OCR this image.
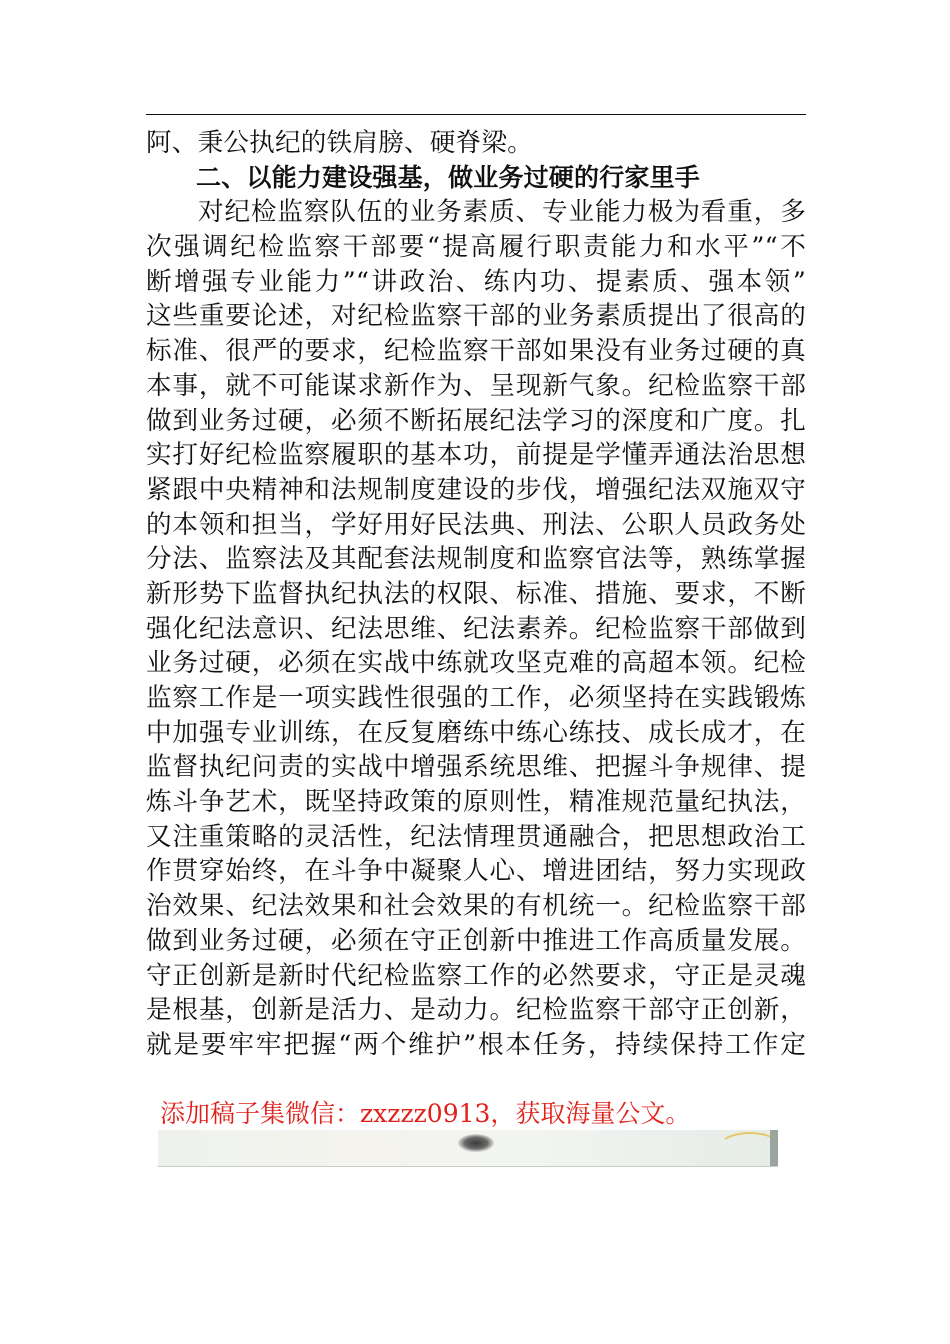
阿、秉公执纪的铁肩膀、硬脊梁。
二、以能力建设强基，做业务过硬的行家里手
对纪检监察队伍的业务素质、专业能力极为看重，多
次强调纪检监察干部要“提高履行职责能力和水平”“不
断增强专业能力”“讲政治、练内功、提素质、强本领”
这些重要论述，对纪检监察干部的业务素质提出了很高的
标准、很严的要求，纪检监察干部如果没有业务过硬的真
本事，就不可能谋求新作为、呈现新气象。纪检监察干部
做到业务过硬，必须不断拓展纪法学习的深度和广度。扎
实打好纪检监察履职的基本功，前提是学懂弄通法治思想
紧跟中央精神和法规制度建设的步伐，增强纪法双施双守
的本领和担当，学好用好民法典、刑法、公职人员政务处
分法、监察法及其配套法规制度和监察官法等，熟练掌握
新形势下监督执纪执法的权限、标准、措施、要求，不断
强化纪法意识、纪法思维、纪法素养。纪检监察干部做到
业务过硬，必须在实战中练就攻坚克难的高超本领。纪检
监察工作是一项实践性很强的工作，必须坚持在实践锻炼
中加强专业训练，在反复磨练中练心练技、成长成才，在
监督执纪问责的实战中增强系统思维、把握斗争规律、提
炼斗争艺术，既坚持政策的原则性，精准规范量纪执法，
又注重策略的灵活性，纪法情理贯通融合，把思想政治工
作贯穿始终，在斗争中凝聚人心、增进团结，努力实现政
治效果、纪法效果和社会效果的有机统一。纪检监察干部
做到业务过硬，必须在守正创新中推进工作高质量发展。
守正创新是新时代纪检监察工作的必然要求，守正是灵魂
是根基，创新是活力、是动力。纪检监察干部守正创新，
就是要牢牢把握“两个维护”根本任务，持续保持工作定
添加稿子集微信：zxzzz0913，获取海量公文。
